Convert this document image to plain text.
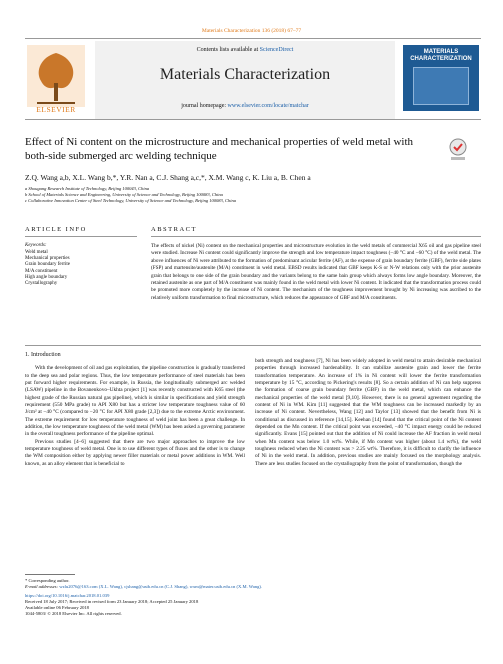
Materials Characterization 136 (2018) 67–77
ELSEVIER
Contents lists available at ScienceDirect
Materials Characterization
journal homepage: www.elsevier.com/locate/matchar
MATERIALS
CHARACTERIZATION
Effect of Ni content on the microstructure and mechanical properties of weld metal with both-side submerged arc welding technique
Z.Q. Wang a,b, X.L. Wang b,*, Y.R. Nan a, C.J. Shang a,c,*, X.M. Wang c, K. Liu a, B. Chen a
a Shougang Research Institute of Technology, Beijing 100043, China
b School of Materials Science and Engineering, University of Science and Technology, Beijing 100083, China
c Collaborative Innovation Center of Steel Technology, University of Science and Technology, Beijing 100083, China
ARTICLE INFO	ABSTRACT
Keywords:
Weld metal
Mechanical properties
Grain boundary ferrite
M/A constituent
High angle boundary
Crystallography
The effects of nickel (Ni) content on the mechanical properties and microstructure evolution in the weld metals of commercial X65 oil and gas pipeline steel were studied. Increase Ni content could significantly improve the strength and low temperature impact toughness (−40 °C and −60 °C) of the weld metal. The above influences of Ni were attributed to the formation of predominant acicular ferrite (AF), at the expense of grain boundary ferrite (GBF), ferrite side plates (FSP) and martensite/austenite (M/A) constituent in weld metal. EBSD results indicated that GBF keeps K-S or N-W relations only with the prior austenite grain that belongs to one side of the grain boundary and the variants belong to the same bain group which always forms low angle boundary. Moreover, the retained austenite as one part of M/A constituent was mainly found in the weld metal with lower Ni content. It indicated that the transformation process could be promoted more completely by the increase of Ni content. The mechanism of the toughness improvement brought by Ni increasing was ascribed to the relatively uniform transformation to final microstructure, which reduces the appearance of GBF and M/A constituents.
1. Introduction

With the development of oil and gas exploitation, the pipeline construction is gradually transferred to the deep sea and polar regions. Thus, the low temperature performance of steel materials has been put forward higher requirements. For example, in Russia, the longitudinally submerged arc welded (LSAW) pipeline in the Bovanenkovo–Ukhta project [1] was recently constructed with K65 steel (the highest grade of the Russian natural gas pipeline), which is similar in specifications and yield strength requirement (550 MPa grade) to API X80 but has a stricter low temperature toughness value of 60 J/cm² at −40 °C (compared to −20 °C for API X80 grade [2,3]) due to the extreme Arctic environment. The extreme requirement for low temperature toughness of weld joint has been a great challenge. In addition, the low temperature toughness of the weld metal (WM) has been asked a governing parameter in the overall toughness performance of the pipeline optimal.

Previous studies [4–6] suggested that there are two major approaches to improve the low temperature toughness of weld metal. One is to use different types of fluxes and the other is to change the WM composition either by applying newer filler materials or metal power additions in WM. Well known, as an alloy element that is beneficial to

both strength and toughness [7], Ni has been widely adopted in weld metal to attain desirable mechanical properties through increased hardenability. It can stabilize austenite grain and lower the ferrite transformation temperature. An increase of 1% in Ni content will lower the ferrite transformation temperature by 15 °C, according to Pickering's results [8]. So a certain addition of Ni can help suppress the formation of coarse grain boundary ferrite (GBF) in the weld metal, which can enhance the mechanical properties of the weld metal [9,10]. However, there is no general agreement regarding the content of Ni in WM. Kim [11] suggested that the WM toughness can be increased markedly by an increase of Ni content. Nevertheless, Wang [12] and Taylor [13] showed that the benefit from Ni is conditional as discussed in reference [14,15]. Keehan [14] found that the critical point of the Ni content depended on the Mn content. If the critical point was exceeded, −40 °C impact energy could be reduced significantly. Evans [15] pointed out that the addition of Ni could increase the AF fraction in weld metal when Mn content was below 1.0 wt%. While, if Mn content was higher (about 1.4 wt%), the weld toughness reduced when the Ni content was > 2.25 wt%. Therefore, it is difficult to clarify the influence of Ni in the weld metal. In addition, previous studies are mainly focused on the morphology analysis. There are less studies focused on the crystallography from the point of transformation, though the

* Corresponding author.
E-mail addresses: wzlu2076@163.com (X.L. Wang), cjshang@ustb.edu.cn (C.J. Shang), wxm@mater.ustb.edu.cn (X.M. Wang).
https://doi.org/10.1016/j.matchar.2018.01.039
Received 18 July 2017; Received in revised form 23 January 2018; Accepted 25 January 2018
Available online 06 February 2018
1044-5803/ © 2018 Elsevier Inc. All rights reserved.
